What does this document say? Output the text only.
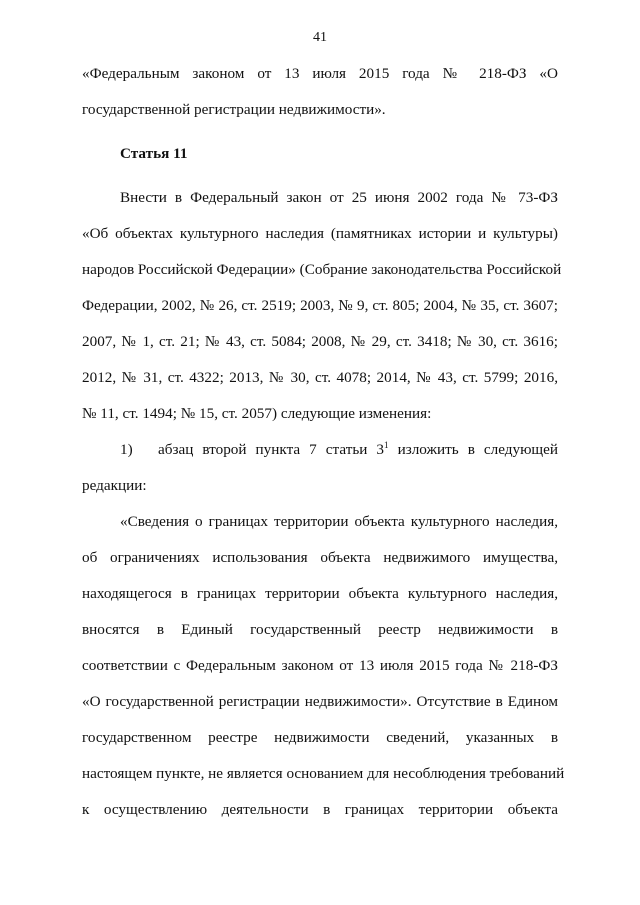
41
«Федеральным законом от 13 июля 2015 года № 218-ФЗ «О
государственной регистрации недвижимости».
Статья 11
Внести в Федеральный закон от 25 июня 2002 года № 73-ФЗ
«Об объектах культурного наследия (памятниках истории и культуры)
народов Российской Федерации» (Собрание законодательства Российской
Федерации, 2002, № 26, ст. 2519; 2003, № 9, ст. 805; 2004, № 35, ст. 3607;
2007, № 1, ст. 21; № 43, ст. 5084; 2008, № 29, ст. 3418; № 30, ст. 3616;
2012, № 31, ст. 4322; 2013, № 30, ст. 4078; 2014, № 43, ст. 5799; 2016,
№ 11, ст. 1494; № 15, ст. 2057) следующие изменения:
1) абзац второй пункта 7 статьи $3^1$ изложить в следующей
редакции:
«Сведения о границах территории объекта культурного наследия,
об ограничениях использования объекта недвижимого имущества,
находящегося в границах территории объекта культурного наследия,
вносятся в Единый государственный реестр недвижимости в
соответствии с Федеральным законом от 13 июля 2015 года № 218-ФЗ
«О государственной регистрации недвижимости». Отсутствие в Едином
государственном реестре недвижимости сведений, указанных в
настоящем пункте, не является основанием для несоблюдения требований
к осуществлению деятельности в границах территории объекта
